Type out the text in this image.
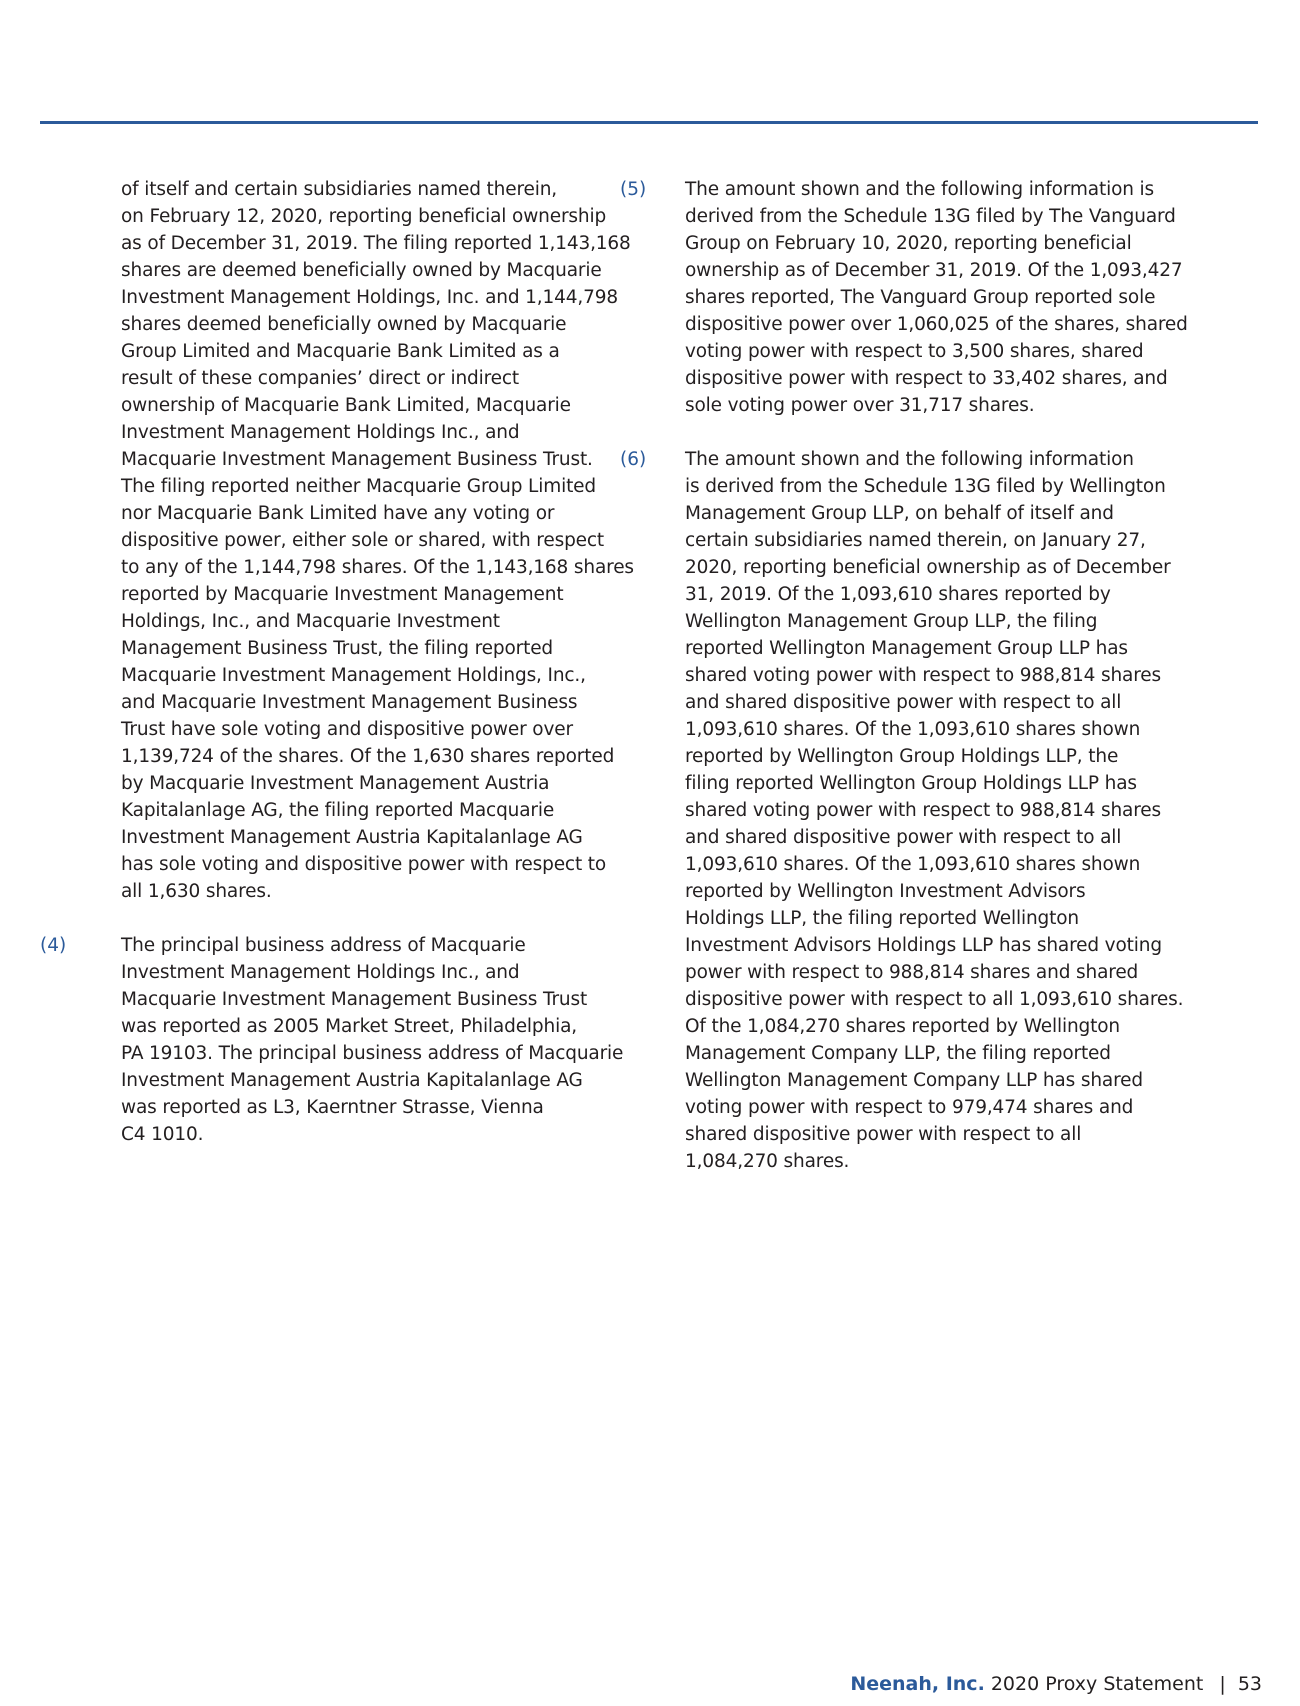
of itself and certain subsidiaries named therein,
on February 12, 2020, reporting beneficial ownership
as of December 31, 2019. The filing reported 1,143,168
shares are deemed beneficially owned by Macquarie
Investment Management Holdings, Inc. and 1,144,798
shares deemed beneficially owned by Macquarie
Group Limited and Macquarie Bank Limited as a
result of these companies’ direct or indirect
ownership of Macquarie Bank Limited, Macquarie
Investment Management Holdings Inc., and
Macquarie Investment Management Business Trust.
The filing reported neither Macquarie Group Limited
nor Macquarie Bank Limited have any voting or
dispositive power, either sole or shared, with respect
to any of the 1,144,798 shares. Of the 1,143,168 shares
reported by Macquarie Investment Management
Holdings, Inc., and Macquarie Investment
Management Business Trust, the filing reported
Macquarie Investment Management Holdings, Inc.,
and Macquarie Investment Management Business
Trust have sole voting and dispositive power over
1,139,724 of the shares. Of the 1,630 shares reported
by Macquarie Investment Management Austria
Kapitalanlage AG, the filing reported Macquarie
Investment Management Austria Kapitalanlage AG
has sole voting and dispositive power with respect to
all 1,630 shares.
(4)	The principal business address of Macquarie
Investment Management Holdings Inc., and
Macquarie Investment Management Business Trust
was reported as 2005 Market Street, Philadelphia,
PA 19103. The principal business address of Macquarie
Investment Management Austria Kapitalanlage AG
was reported as L3, Kaerntner Strasse, Vienna
C4 1010.
(5) The amount shown and the following information is
derived from the Schedule 13G filed by The Vanguard
Group on February 10, 2020, reporting beneficial
ownership as of December 31, 2019. Of the 1,093,427
shares reported, The Vanguard Group reported sole
dispositive power over 1,060,025 of the shares, shared
voting power with respect to 3,500 shares, shared
dispositive power with respect to 33,402 shares, and
sole voting power over 31,717 shares.
(6) The amount shown and the following information
is derived from the Schedule 13G filed by Wellington
Management Group LLP, on behalf of itself and
certain subsidiaries named therein, on January 27,
2020, reporting beneficial ownership as of December
31, 2019. Of the 1,093,610 shares reported by
Wellington Management Group LLP, the filing
reported Wellington Management Group LLP has
shared voting power with respect to 988,814 shares
and shared dispositive power with respect to all
1,093,610 shares. Of the 1,093,610 shares shown
reported by Wellington Group Holdings LLP, the
filing reported Wellington Group Holdings LLP has
shared voting power with respect to 988,814 shares
and shared dispositive power with respect to all
1,093,610 shares. Of the 1,093,610 shares shown
reported by Wellington Investment Advisors
Holdings LLP, the filing reported Wellington
Investment Advisors Holdings LLP has shared voting
power with respect to 988,814 shares and shared
dispositive power with respect to all 1,093,610 shares.
Of the 1,084,270 shares reported by Wellington
Management Company LLP, the filing reported
Wellington Management Company LLP has shared
voting power with respect to 979,474 shares and
shared dispositive power with respect to all
1,084,270 shares.
Neenah, Inc. 2020 Proxy Statement | 53
